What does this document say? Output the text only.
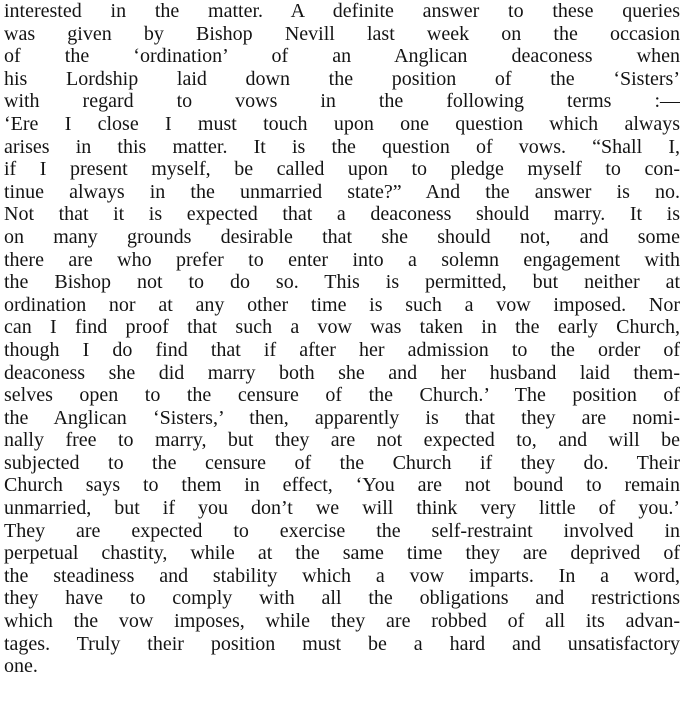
interested in the matter. A definite answer to these queries
was given by Bishop Nevill last week on the occasion
of the ‘ordination’ of an Anglican deaconess when
his Lordship laid down the position of the ‘Sisters’
with regard to vows in the following terms :—
‘Ere I close I must touch upon one question which always
arises in this matter. It is the question of vows. “Shall I,
if I present myself, be called upon to pledge myself to con-
tinue always in the unmarried state?” And the answer is no.
Not that it is expected that a deaconess should marry. It is
on many grounds desirable that she should not, and some
there are who prefer to enter into a solemn engagement with
the Bishop not to do so. This is permitted, but neither at
ordination nor at any other time is such a vow imposed. Nor
can I find proof that such a vow was taken in the early Church,
though I do find that if after her admission to the order of
deaconess she did marry both she and her husband laid them-
selves open to the censure of the Church.’ The position of
the Anglican ‘Sisters,’ then, apparently is that they are nomi-
nally free to marry, but they are not expected to, and will be
subjected to the censure of the Church if they do. Their
Church says to them in effect, ‘You are not bound to remain
unmarried, but if you don’t we will think very little of you.’
They are expected to exercise the self-restraint involved in
perpetual chastity, while at the same time they are deprived of
the steadiness and stability which a vow imparts. In a word,
they have to comply with all the obligations and restrictions
which the vow imposes, while they are robbed of all its advan-
tages. Truly their position must be a hard and unsatisfactory
one.
